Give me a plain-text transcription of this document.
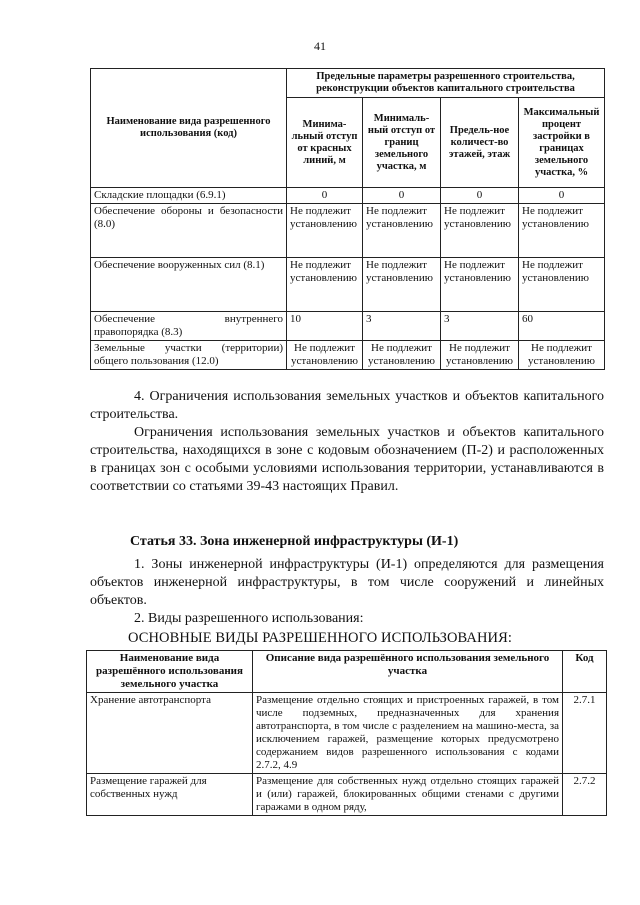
41
Наименование вида разрешенного использования (код)	Предельные параметры разрешенного строительства, реконструкции объектов капитального строительства			
	Минима-льный отступ от красных линий, м	Минималь-ный отступ от границ земельного участка, м	Предель-ное количест-во этажей, этаж	Максимальный процент застройки в границах земельного участка, %
Складские площадки (6.9.1)	0	0	0	0
Обеспечение обороны и безопасности (8.0)	Не подлежит установлению	Не подлежит установлению	Не подлежит установлению	Не подлежит установлению
Обеспечение вооруженных сил (8.1)	Не подлежит установлению	Не подлежит установлению	Не подлежит установлению	Не подлежит установлению
Обеспечение внутреннего правопорядка (8.3)	10	3	3	60
Земельные участки (территории) общего пользования (12.0)	Не подлежит установлению	Не подлежит установлению	Не подлежит установлению	Не подлежит установлению
4. Ограничения использования земельных участков и объектов капитального строительства.
Ограничения использования земельных участков и объектов капитального строительства, находящихся в зоне с кодовым обозначением (П-2) и расположенных в границах зон с особыми условиями использования территории, устанавливаются в соответствии со статьями 39-43 настоящих Правил.
Статья 33. Зона инженерной инфраструктуры (И-1)
1. Зоны инженерной инфраструктуры (И-1) определяются для размещения объектов инженерной инфраструктуры, в том числе сооружений и линейных объектов.
2. Виды разрешенного использования:
ОСНОВНЫЕ ВИДЫ РАЗРЕШЕННОГО ИСПОЛЬЗОВАНИЯ:
Наименование вида разрешённого использования земельного участка	Описание вида разрешённого использования земельного участка	Код
Хранение автотранспорта	Размещение отдельно стоящих и пристроенных гаражей, в том числе подземных, предназначенных для хранения автотранспорта, в том числе с разделением на машино-места, за исключением гаражей, размещение которых предусмотрено содержанием видов разрешенного использования с кодами 2.7.2, 4.9	2.7.1
Размещение гаражей для собственных нужд	Размещение для собственных нужд отдельно стоящих гаражей и (или) гаражей, блокированных общими стенами с другими гаражами в одном ряду,	2.7.2
